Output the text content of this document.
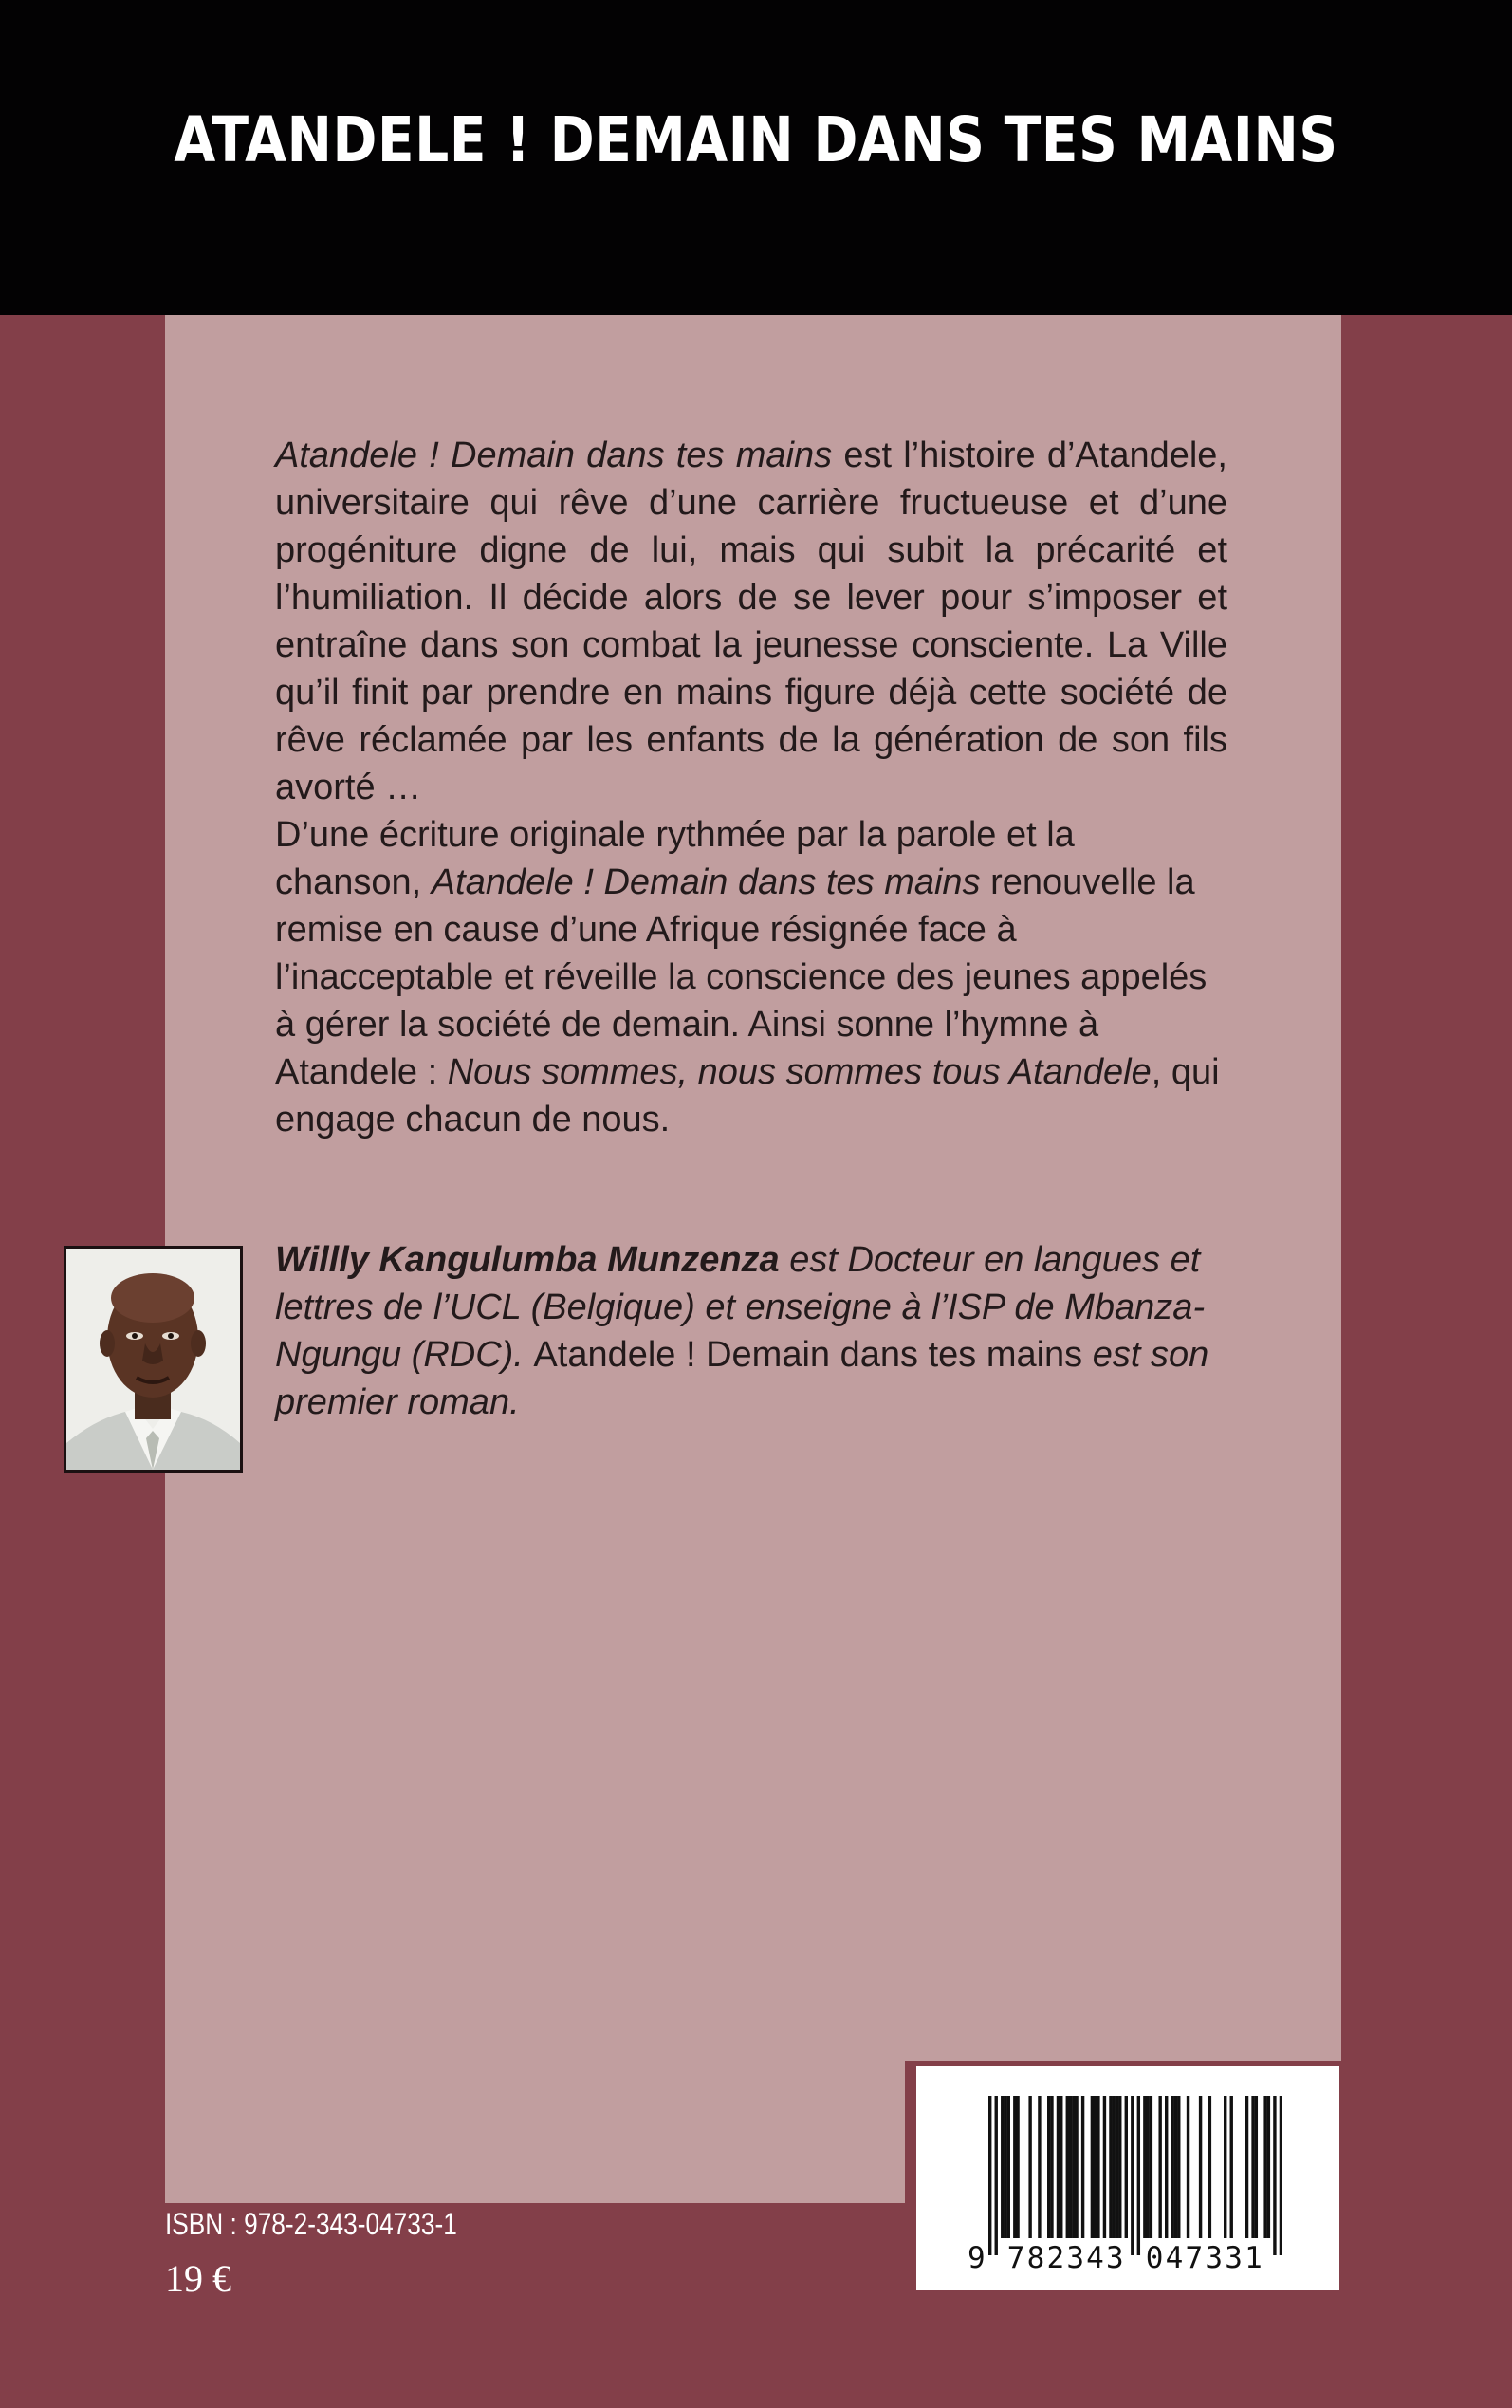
ATANDELE ! DEMAIN DANS TES MAINS

Atandele ! Demain dans tes mains est l’histoire d’Atandele, universitaire qui rêve d’une carrière fructueuse et d’une progéniture digne de lui, mais qui subit la précarité et l’humiliation. Il décide alors de se lever pour s’imposer et entraîne dans son combat la jeunesse consciente. La Ville qu’il finit par prendre en mains figure déjà cette société de rêve réclamée par les enfants de la génération de son fils avorté …

D’une écriture originale rythmée par la parole et la chanson, Atandele ! Demain dans tes mains renouvelle la remise en cause d’une Afrique résignée face à l’inacceptable et réveille la conscience des jeunes appelés à gérer la société de demain. Ainsi sonne l’hymne à Atandele : Nous sommes, nous sommes tous Atandele, qui engage chacun de nous.

Willly Kangulumba Munzenza est Docteur en langues et lettres de l’UCL (Belgique) et enseigne à l’ISP de Mbanza-Ngungu (RDC). Atandele ! Demain dans tes mains est son premier roman.
9 782343 047331
ISBN : 978-2-343-04733-1
19 €
